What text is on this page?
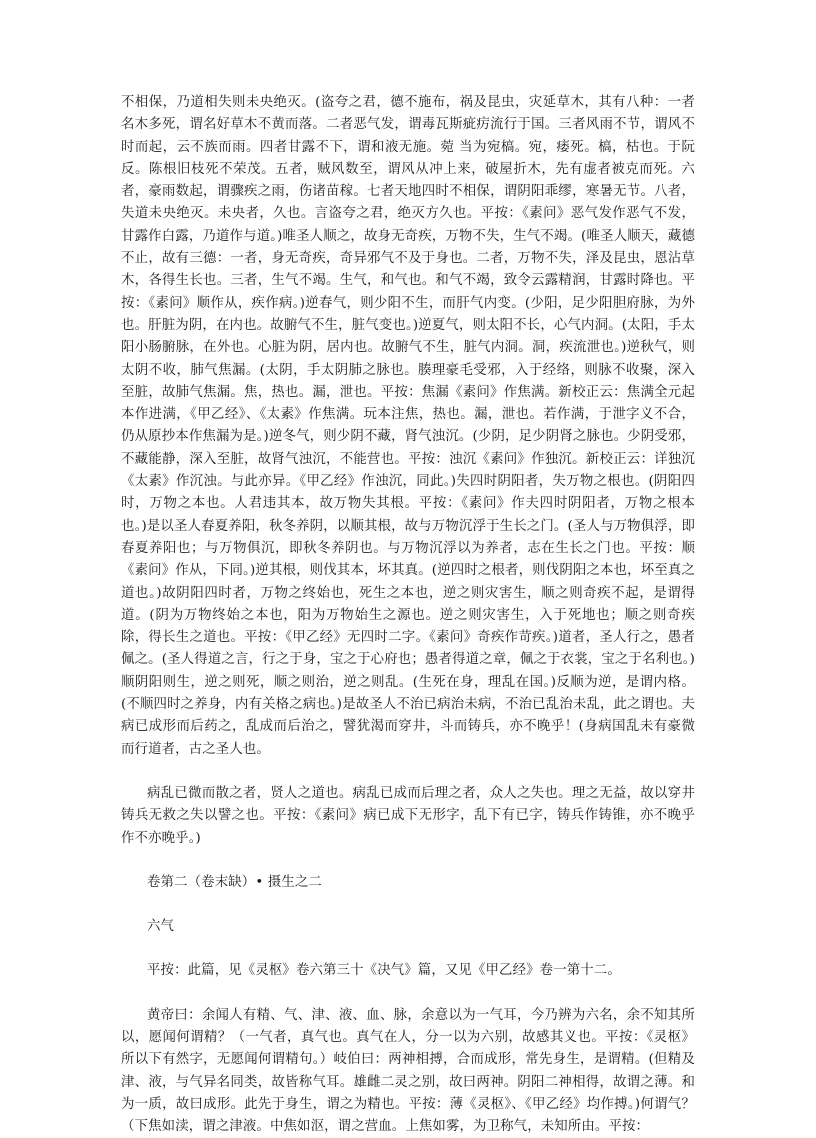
不相保，乃道相失则未央绝灭。(盗夸之君，德不施布，祸及昆虫，灾延草木，其有八种：一者名木多死，谓名好草木不黄而落。二者恶气发，谓毒瓦斯疵疠流行于国。三者风雨不节，谓风不时而起，云不族而雨。四者甘露不下，谓和液无施。菀 当为宛槁。宛，痿死。槁，枯也。于阮反。陈根旧枝死不荣茂。五者，贼风数至，谓风从冲上来，破屋折木，先有虚者被克而死。六者，豪雨数起，谓骤疾之雨，伤诸苗稼。七者天地四时不相保，谓阴阳乖缪，寒暑无节。八者，失道未央绝灭。未央者，久也。言盗夸之君，绝灭方久也。平按：《素问》恶气发作恶气不发，甘露作白露，乃道作与道。)唯圣人顺之，故身无奇疾，万物不失，生气不竭。(唯圣人顺天，藏德不止，故有三德：一者，身无奇疾，奇异邪气不及于身也。二者，万物不失，泽及昆虫，恩沾草木，各得生长也。三者，生气不竭。生气，和气也。和气不竭，致令云露精润，甘露时降也。平按：《素问》顺作从，疾作病。)逆春气，则少阳不生，而肝气内变。(少阳，足少阳胆府脉，为外也。肝脏为阴，在内也。故腑气不生，脏气变也。)逆夏气，则太阳不长，心气内洞。(太阳，手太阳小肠腑脉，在外也。心脏为阴，居内也。故腑气不生，脏气内洞。洞，疾流泄也。)逆秋气，则太阴不收，肺气焦漏。(太阴，手太阴肺之脉也。腠理豪毛受邪，入于经络，则脉不收聚，深入至脏，故肺气焦漏。焦，热也。漏，泄也。平按：焦漏《素问》作焦满。新校正云：焦满全元起本作进满，《甲乙经》、《太素》作焦满。玩本注焦，热也。漏，泄也。若作满，于泄字义不合，仍从原抄本作焦漏为是。)逆冬气，则少阴不藏，肾气浊沉。(少阴，足少阴肾之脉也。少阴受邪，不藏能静，深入至脏，故肾气浊沉，不能营也。平按：浊沉《素问》作独沉。新校正云：详独沉《太素》作沉浊。与此亦异。《甲乙经》作浊沉，同此。)失四时阴阳者，失万物之根也。(阴阳四时，万物之本也。人君违其本，故万物失其根。平按：《素问》作夫四时阴阳者，万物之根本也。)是以圣人春夏养阳，秋冬养阴，以顺其根，故与万物沉浮于生长之门。(圣人与万物俱浮，即春夏养阳也；与万物俱沉，即秋冬养阴也。与万物沉浮以为养者，志在生长之门也。平按：顺《素问》作从，下同。)逆其根，则伐其本，坏其真。(逆四时之根者，则伐阴阳之本也，坏至真之道也。)故阴阳四时者，万物之终始也，死生之本也，逆之则灾害生，顺之则奇疾不起，是谓得道。(阴为万物终始之本也，阳为万物始生之源也。逆之则灾害生，入于死地也；顺之则奇疾除，得长生之道也。平按：《甲乙经》无四时二字。《素问》奇疾作苛疾。)道者，圣人行之，愚者佩之。(圣人得道之言，行之于身，宝之于心府也；愚者得道之章，佩之于衣裳，宝之于名利也。)顺阴阳则生，逆之则死，顺之则治，逆之则乱。(生死在身，理乱在国。)反顺为逆，是谓内格。(不顺四时之养身，内有关格之病也。)是故圣人不治已病治未病，不治已乱治未乱，此之谓也。夫病已成形而后药之，乱成而后治之，譬犹渴而穿井，斗而铸兵，亦不晚乎！(身病国乱未有豪微而行道者，古之圣人也。

病乱已微而散之者，贤人之道也。病乱已成而后理之者，众人之失也。理之无益，故以穿井铸兵无救之失以譬之也。平按：《素问》病已成下无形字，乱下有已字，铸兵作铸锥，亦不晚乎作不亦晚乎。)

卷第二（卷末缺）• 摄生之二

六气

平按：此篇，见《灵枢》卷六第三十《决气》篇，又见《甲乙经》卷一第十二。

黄帝曰：余闻人有精、气、津、液、血、脉，余意以为一气耳，今乃辨为六名，余不知其所以，愿闻何谓精？（一气者，真气也。真气在人，分一以为六别，故感其义也。平按：《灵枢》所以下有然字，无愿闻何谓精句。）岐伯曰：两神相搏，合而成形，常先身生，是谓精。(但精及津、液，与气异名同类，故皆称气耳。雄雌二灵之别，故曰两神。阴阳二神相得，故谓之薄。和为一质，故曰成形。此先于身生，谓之为精也。平按：薄《灵枢》、《甲乙经》均作搏。)何谓气？（下焦如渎，谓之津液。中焦如沤，谓之营血。上焦如雾，为卫称气，未知所由。平按：
